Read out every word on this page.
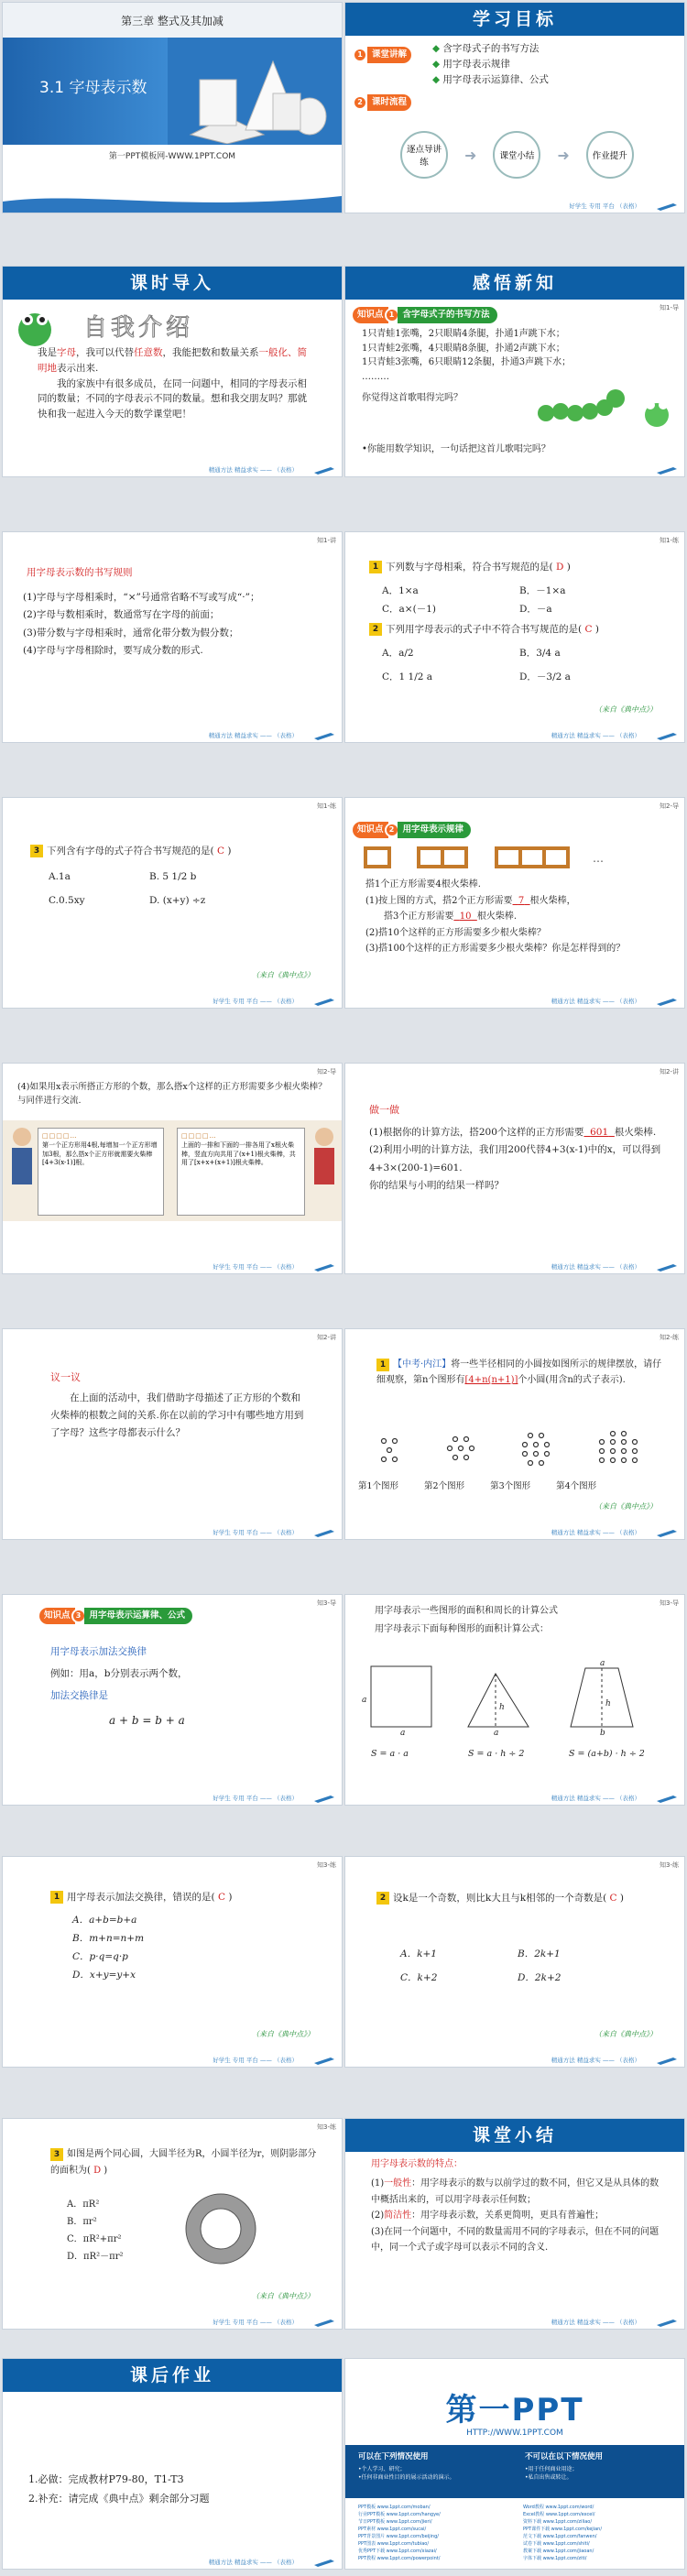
第三章 整式及其加减
3.1 字母表示数
第一PPT模板网-WWW.1PPT.COM
学习目标
1	课堂讲解
2	课时流程
◆ 含字母式子的书写方法
◆ 用字母表示规律
◆ 用字母表示运算律、公式
逐点导讲练	➜	课堂小结	➜	作业提升
好学生 专用 平台 （表格）
课时导入
自我介绍
我是字母，我可以代替任意数，我能把数和数量关系一般化、简明地表示出来.
我的家族中有很多成员，在同一问题中，相同的字母表示相同的数量；不同的字母表示不同的数量。想和我交朋友吗？那就快和我一起进入今天的数学课堂吧！
精通方法 精益求实 —— （表格）
感悟新知
知1-导
知识点 1 含字母式子的书写方法
1只青蛙1张嘴，2只眼睛4条腿，扑通1声跳下水；
1只青蛙2张嘴，4只眼睛8条腿，扑通2声跳下水；
1只青蛙3张嘴，6只眼睛12条腿，扑通3声跳下水；
………
你觉得这首歌唱得完吗？
•你能用数学知识，一句话把这首儿歌唱完吗？
知1-讲
用字母表示数的书写规则
(1)字母与字母相乘时，“×”号通常省略不写或写成“·”；
(2)字母与数相乘时，数通常写在字母的前面；
(3)带分数与字母相乘时，通常化带分数为假分数；
(4)字母与字母相除时，要写成分数的形式.
精通方法 精益求实 —— （表格）
知1-练
1 下列数与字母相乘，符合书写规范的是( D )
A．1×a	B．－1×a
C．a×(－1)	D．－a
2 下列用字母表示的式子中不符合书写规范的是( C )
A．a/2	B．3/4 a
C．1 1/2 a	D．－3/2 a
（来自《典中点》）
精通方法 精益求实 —— （表格）
知1-练
3 下列含有字母的式子符合书写规范的是( C )
A.1a	B. 5 1/2 b
C.0.5xy	D. (x+y) ÷z
（来自《典中点》）
好学生 专用 平台 —— （表格）
知2-导
知识点 2 用字母表示规律
…
搭1个正方形需要4根火柴棒.
(1)按上图的方式，搭2个正方形需要 7 根火柴棒，
搭3个正方形需要 10 根火柴棒.
(2)搭10个这样的正方形需要多少根火柴棒？
(3)搭100个这样的正方形需要多少根火柴棒？你是怎样得到的？
精通方法 精益求实 —— （表格）
知2-导
(4)如果用x表示所搭正方形的个数，那么搭x个这样的正方形需要多少根火柴棒？与同伴进行交流.
□□□□…
第一个正方形用4根,每增加一个正方形增加3根，那么搭x个正方形就需要火柴棒[4+3(x-1)]根。
□□□□…
上面的一排和下面的一排各用了x根火柴棒，竖直方向共用了(x+1)根火柴棒，共用了[x+x+(x+1)]根火柴棒。
好学生 专用 平台 —— （表格）
知2-讲
做一做
(1)根据你的计算方法，搭200个这样的正方形需要 601 根火柴棒.
(2)利用小明的计算方法，我们用200代替4+3(x-1)中的x，可以得到4+3×(200-1)=601.
你的结果与小明的结果一样吗？
精通方法 精益求实 —— （表格）
知2-讲
议一议
在上面的活动中，我们借助字母描述了正方形的个数和火柴棒的根数之间的关系.你在以前的学习中有哪些地方用到了字母？这些字母都表示什么？
好学生 专用 平台 —— （表格）
知2-练
1 【中考·内江】将一些半径相同的小圆按如图所示的规律摆放，请仔细观察，第n个图形有[4+n(n+1)]个小圆(用含n的式子表示).
第1个图形	第2个图形	第3个图形	第4个图形
（来自《典中点》）
精通方法 精益求实 —— （表格）
知3-导
知识点 3 用字母表示运算律、公式
用字母表示加法交换律
例如：用a，b分别表示两个数，
加法交换律是
a + b = b + a
好学生 专用 平台 —— （表格）
知3-导
用字母表示一些图形的面积和周长的计算公式
用字母表示下面每种图形的面积计算公式：
a
a
h
a
a
h
b
S = a · a	S = a · h ÷ 2	S = (a+b) · h ÷ 2
精通方法 精益求实 —— （表格）
知3-练
1 用字母表示加法交换律，错误的是( C )
A．a+b=b+a
B．m+n=n+m
C．p·q=q·p
D．x+y=y+x
（来自《典中点》）
好学生 专用 平台 —— （表格）
知3-练
2 设k是一个奇数，则比k大且与k相邻的一个奇数是( C )
A．k+1	B．2k+1
C．k+2	D．2k+2
（来自《典中点》）
精通方法 精益求实 —— （表格）
知3-练
3 如图是两个同心圆，大圆半径为R，小圆半径为r，则阴影部分的面积为( D )
A．πR²
B．πr²
C．πR²+πr²
D．πR²－πr²
（来自《典中点》）
好学生 专用 平台 —— （表格）
课堂小结
用字母表示数的特点：
(1)一般性：用字母表示的数与以前学过的数不同，但它又是从具体的数中概括出来的，可以用字母表示任何数；
(2)简洁性：用字母表示数，关系更简明，更具有普遍性；
(3)在同一个问题中，不同的数量需用不同的字母表示，但在不同的问题中，同一个式子或字母可以表示不同的含义.
精通方法 精益求实 —— （表格）
课后作业
1.必做：完成教材P79-80，T1-T3
2.补充：请完成《典中点》剩余部分习题
精通方法 精益求实 —— （表格）
第一PPT
HTTP://WWW.1PPT.COM
可以在下列情况使用
•个人学习、研究；
•任何非商业性目的的展示活动的演示。
不可以在以下情况使用
•用于任何商业用途；
•私自出售或转让。
PPT模板 www.1ppt.com/moban/	Word教程 www.1ppt.com/word/
行业PPT模板 www.1ppt.com/hangye/	Excel教程 www.1ppt.com/excel/
节日PPT模板 www.1ppt.com/jieri/	资料下载 www.1ppt.com/ziliao/
PPT素材 www.1ppt.com/sucai/	PPT课件下载 www.1ppt.com/kejian/
PPT背景图片 www.1ppt.com/beijing/	范文下载 www.1ppt.com/fanwen/
PPT图表 www.1ppt.com/tubiao/	试卷下载 www.1ppt.com/shiti/
优秀PPT下载 www.1ppt.com/xiazai/	教案下载 www.1ppt.com/jiaoan/
PPT教程 www.1ppt.com/powerpoint/	字体下载 www.1ppt.com/ziti/
